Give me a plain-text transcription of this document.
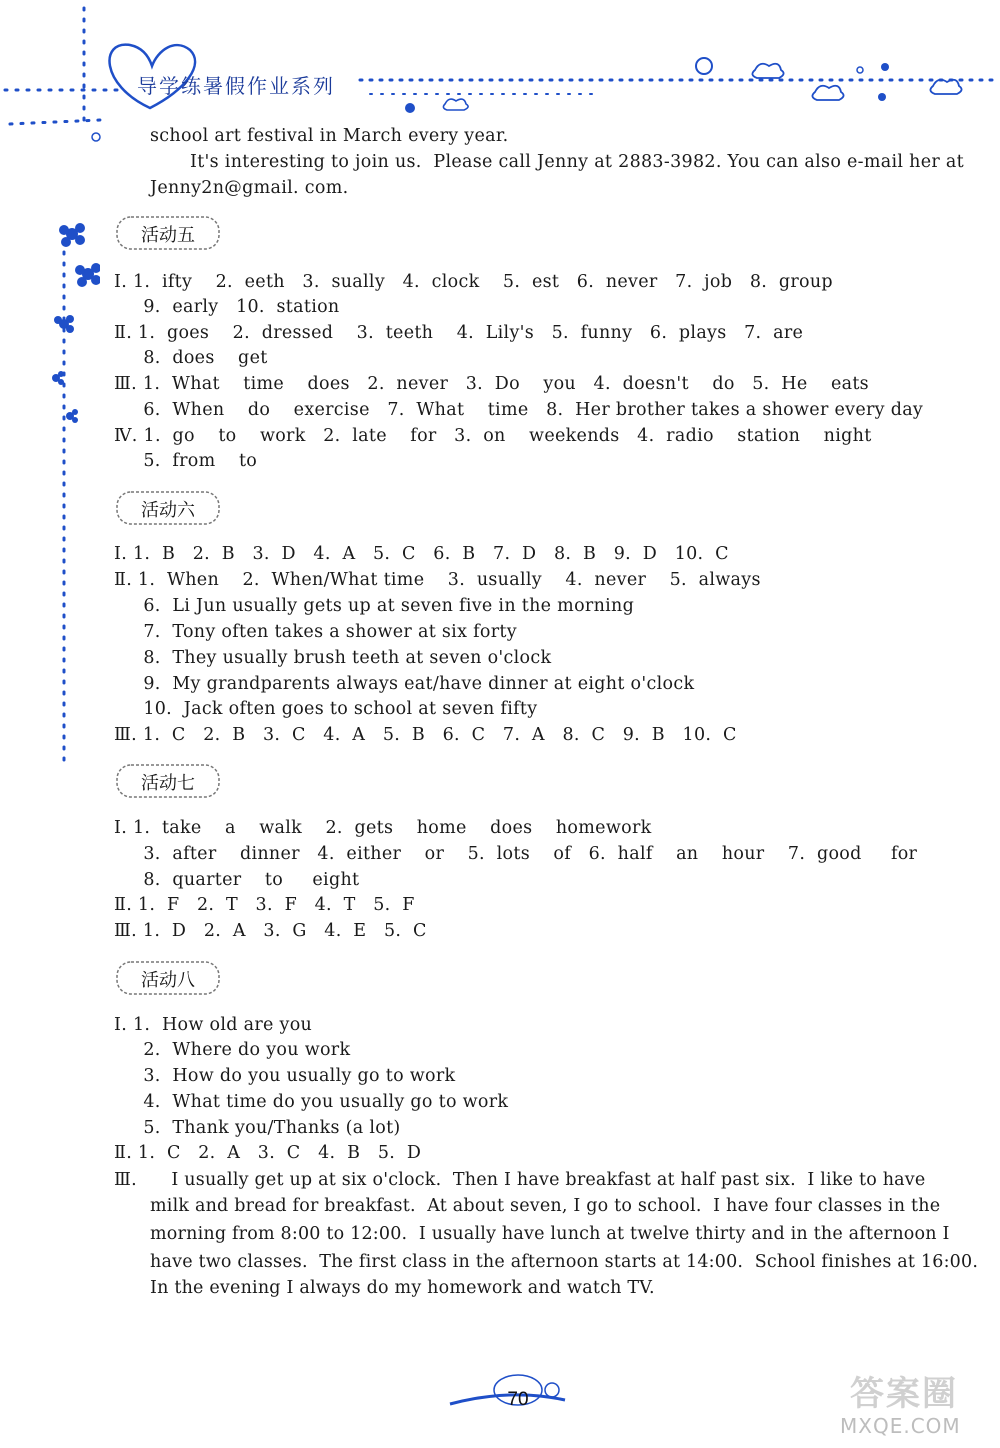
导学练暑假作业系列
school art festival in March every year.
It's interesting to join us.  Please call Jenny at 2883-3982. You can also e-mail her at
Jenny2n@gmail. com.
活动五
Ⅰ. 1.  ifty    2.  eeth   3.  sually   4.  clock    5.  est   6.  never   7.  job   8.  group
9.  early   10.  station
Ⅱ. 1.  goes    2.  dressed    3.  teeth    4.  Lily's   5.  funny   6.  plays   7.  are
8.  does    get
Ⅲ. 1.  What    time    does   2.  never   3.  Do    you   4.  doesn't    do   5.  He    eats
6.  When    do    exercise   7.  What    time   8.  Her brother takes a shower every day
Ⅳ. 1.  go    to    work   2.  late    for   3.  on    weekends   4.  radio    station    night
5.  from    to
活动六
Ⅰ. 1.  B   2.  B   3.  D   4.  A   5.  C   6.  B   7.  D   8.  B   9.  D   10.  C
Ⅱ. 1.  When    2.  When/What time    3.  usually    4.  never    5.  always
6.  Li Jun usually gets up at seven five in the morning
7.  Tony often takes a shower at six forty
8.  They usually brush teeth at seven o'clock
9.  My grandparents always eat/have dinner at eight o'clock
10.  Jack often goes to school at seven fifty
Ⅲ. 1.  C   2.  B   3.  C   4.  A   5.  B   6.  C   7.  A   8.  C   9.  B   10.  C
活动七
Ⅰ. 1.  take    a    walk    2.  gets    home    does    homework
3.  after    dinner   4.  either    or    5.  lots    of   6.  half    an    hour    7.  good     for
8.  quarter    to     eight
Ⅱ. 1.  F   2.  T   3.  F   4.  T   5.  F
Ⅲ. 1.  D   2.  A   3.  G   4.  E   5.  C
活动八
Ⅰ. 1.  How old are you
2.  Where do you work
3.  How do you usually go to work
4.  What time do you usually go to work
5.  Thank you/Thanks (a lot)
Ⅱ. 1.  C   2.  A   3.  C   4.  B   5.  D
Ⅲ.      I usually get up at six o'clock.  Then I have breakfast at half past six.  I like to have
milk and bread for breakfast.  At about seven, I go to school.  I have four classes in the
morning from 8:00 to 12:00.  I usually have lunch at twelve thirty and in the afternoon I
have two classes.  The first class in the afternoon starts at 14:00.  School finishes at 16:00.
In the evening I always do my homework and watch TV.
70	答案圈
MXQE.COM
